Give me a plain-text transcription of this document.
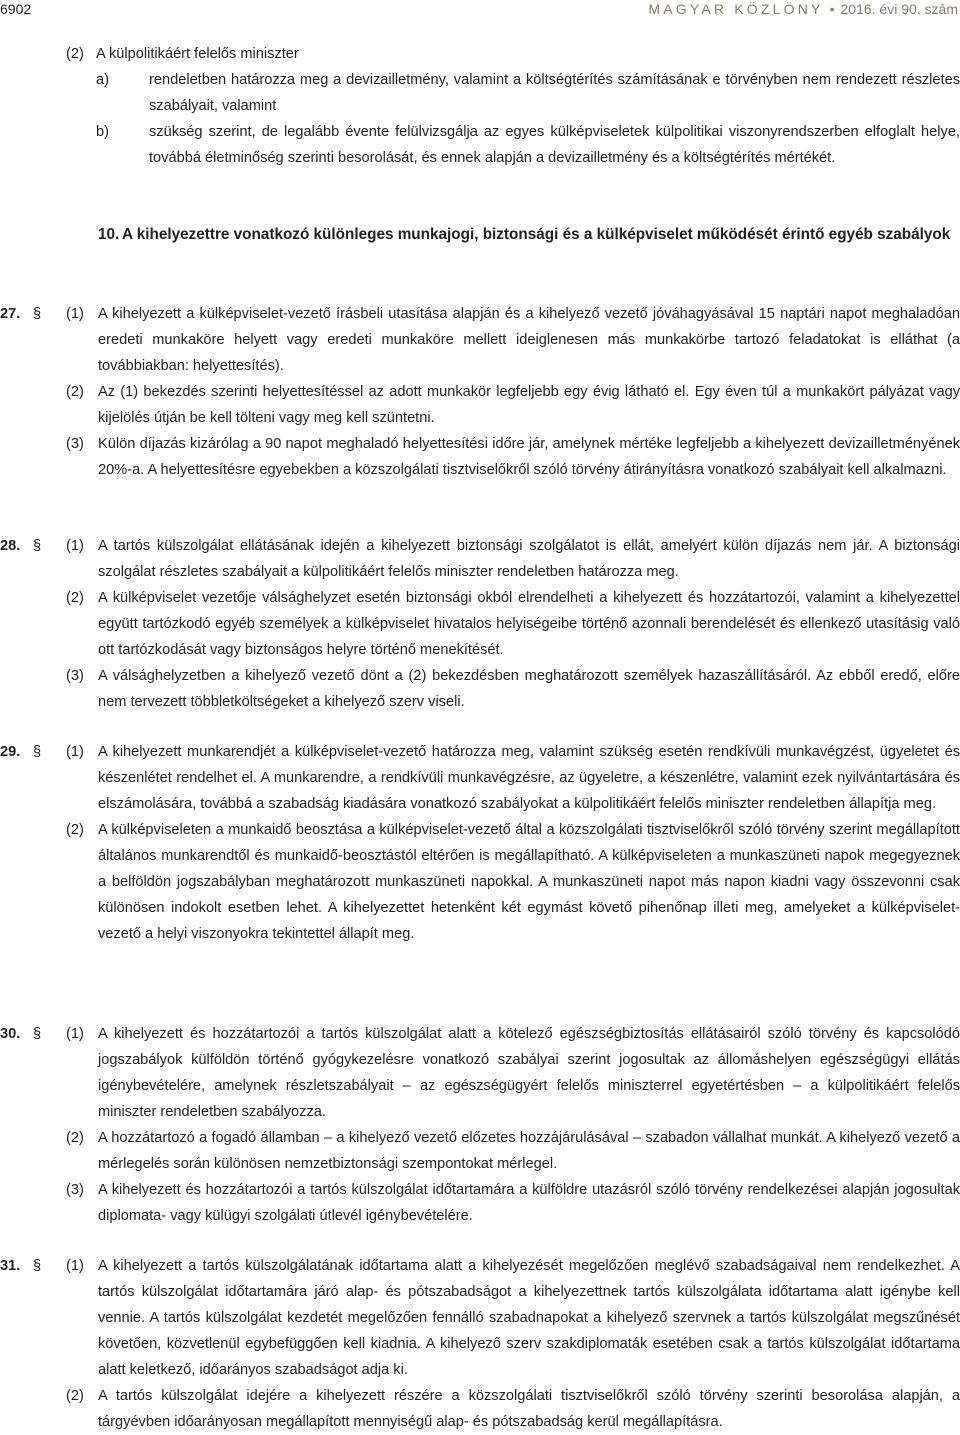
6902	MAGYAR KÖZLÖNY • 2016. évi 90. szám
(2) A külpolitikáért felelős miniszter
a)	rendeletben határozza meg a devizailletmény, valamint a költségtérítés számításának e törvényben nem rendezett részletes szabályait, valamint
b)	szükség szerint, de legalább évente felülvizsgálja az egyes külképviseletek külpolitikai viszonyrendszerben elfoglalt helye, továbbá életminőség szerinti besorolását, és ennek alapján a devizailletmény és a költségtérítés mértékét.
10. A kihelyezettre vonatkozó különleges munkajogi, biztonsági és a külképviselet működését érintő egyéb szabályok
27. § (1) A kihelyezett a külképviselet-vezető írásbeli utasítása alapján és a kihelyező vezető jóváhagyásával 15 naptári napot meghaladóan eredeti munkaköre helyett vagy eredeti munkaköre mellett ideiglenesen más munkakörbe tartozó feladatokat is elláthat (a továbbiakban: helyettesítés).
(2) Az (1) bekezdés szerinti helyettesítéssel az adott munkakör legfeljebb egy évig látható el. Egy éven túl a munkakört pályázat vagy kijelölés útján be kell tölteni vagy meg kell szüntetni.
(3) Külön díjazás kizárólag a 90 napot meghaladó helyettesítési időre jár, amelynek mértéke legfeljebb a kihelyezett devizailletményének 20%-a. A helyettesítésre egyebekben a közszolgálati tisztviselőkről szóló törvény átirányításra vonatkozó szabályait kell alkalmazni.
28. § (1) A tartós külszolgálat ellátásának idején a kihelyezett biztonsági szolgálatot is ellát, amelyért külön díjazás nem jár. A biztonsági szolgálat részletes szabályait a külpolitikáért felelős miniszter rendeletben határozza meg.
(2) A külképviselet vezetője válsághelyzet esetén biztonsági okból elrendelheti a kihelyezett és hozzátartozói, valamint a kihelyezettel együtt tartózkodó egyéb személyek a külképviselet hivatalos helyiségeibe történő azonnali berendelését és ellenkező utasításig való ott tartózkodását vagy biztonságos helyre történő menekítését.
(3) A válsághelyzetben a kihelyező vezető dönt a (2) bekezdésben meghatározott személyek hazaszállításáról. Az ebből eredő, előre nem tervezett többletköltségeket a kihelyező szerv viseli.
29. § (1) A kihelyezett munkarendjét a külképviselet-vezető határozza meg, valamint szükség esetén rendkívüli munkavégzést, ügyeletet és készenlétet rendelhet el. A munkarendre, a rendkívüli munkavégzésre, az ügyeletre, a készenlétre, valamint ezek nyilvántartására és elszámolására, továbbá a szabadság kiadására vonatkozó szabályokat a külpolitikáért felelős miniszter rendeletben állapítja meg.
(2) A külképviseleten a munkaidő beosztása a külképviselet-vezető által a közszolgálati tisztviselőkről szóló törvény szerint megállapított általános munkarendtől és munkaidő-beosztástól eltérően is megállapítható. A külképviseleten a munkaszüneti napok megegyeznek a belföldön jogszabályban meghatározott munkaszüneti napokkal. A munkaszüneti napot más napon kiadni vagy összevonni csak különösen indokolt esetben lehet. A kihelyezettet hetenként két egymást követő pihenőnap illeti meg, amelyeket a külképviselet-vezető a helyi viszonyokra tekintettel állapít meg.
30. § (1) A kihelyezett és hozzátartozói a tartós külszolgálat alatt a kötelező egészségbiztosítás ellátásairól szóló törvény és kapcsolódó jogszabályok külföldön történő gyógykezelésre vonatkozó szabályai szerint jogosultak az állomáshelyen egészségügyi ellátás igénybevételére, amelynek részletszabályait – az egészségügyért felelős miniszterrel egyetértésben – a külpolitikáért felelős miniszter rendeletben szabályozza.
(2) A hozzátartozó a fogadó államban – a kihelyező vezető előzetes hozzájárulásával – szabadon vállalhat munkát. A kihelyező vezető a mérlegelés során különösen nemzetbiztonsági szempontokat mérlegel.
(3) A kihelyezett és hozzátartozói a tartós külszolgálat időtartamára a külföldre utazásról szóló törvény rendelkezései alapján jogosultak diplomata- vagy külügyi szolgálati útlevél igénybevételére.
31. § (1) A kihelyezett a tartós külszolgálatának időtartama alatt a kihelyezését megelőzően meglévő szabadságaival nem rendelkezhet. A tartós külszolgálat időtartamára járó alap- és pótszabadságot a kihelyezettnek tartós külszolgálata időtartama alatt igénybe kell vennie. A tartós külszolgálat kezdetét megelőzően fennálló szabadnapokat a kihelyező szervnek a tartós külszolgálat megszűnését követően, közvetlenül egybefüggően kell kiadnia. A kihelyező szerv szakdiplomaták esetében csak a tartós külszolgálat időtartama alatt keletkező, időarányos szabadságot adja ki.
(2) A tartós külszolgálat idejére a kihelyezett részére a közszolgálati tisztviselőkről szóló törvény szerinti besorolása alapján, a tárgyévben időarányosan megállapított mennyiségű alap- és pótszabadság kerül megállapításra.
